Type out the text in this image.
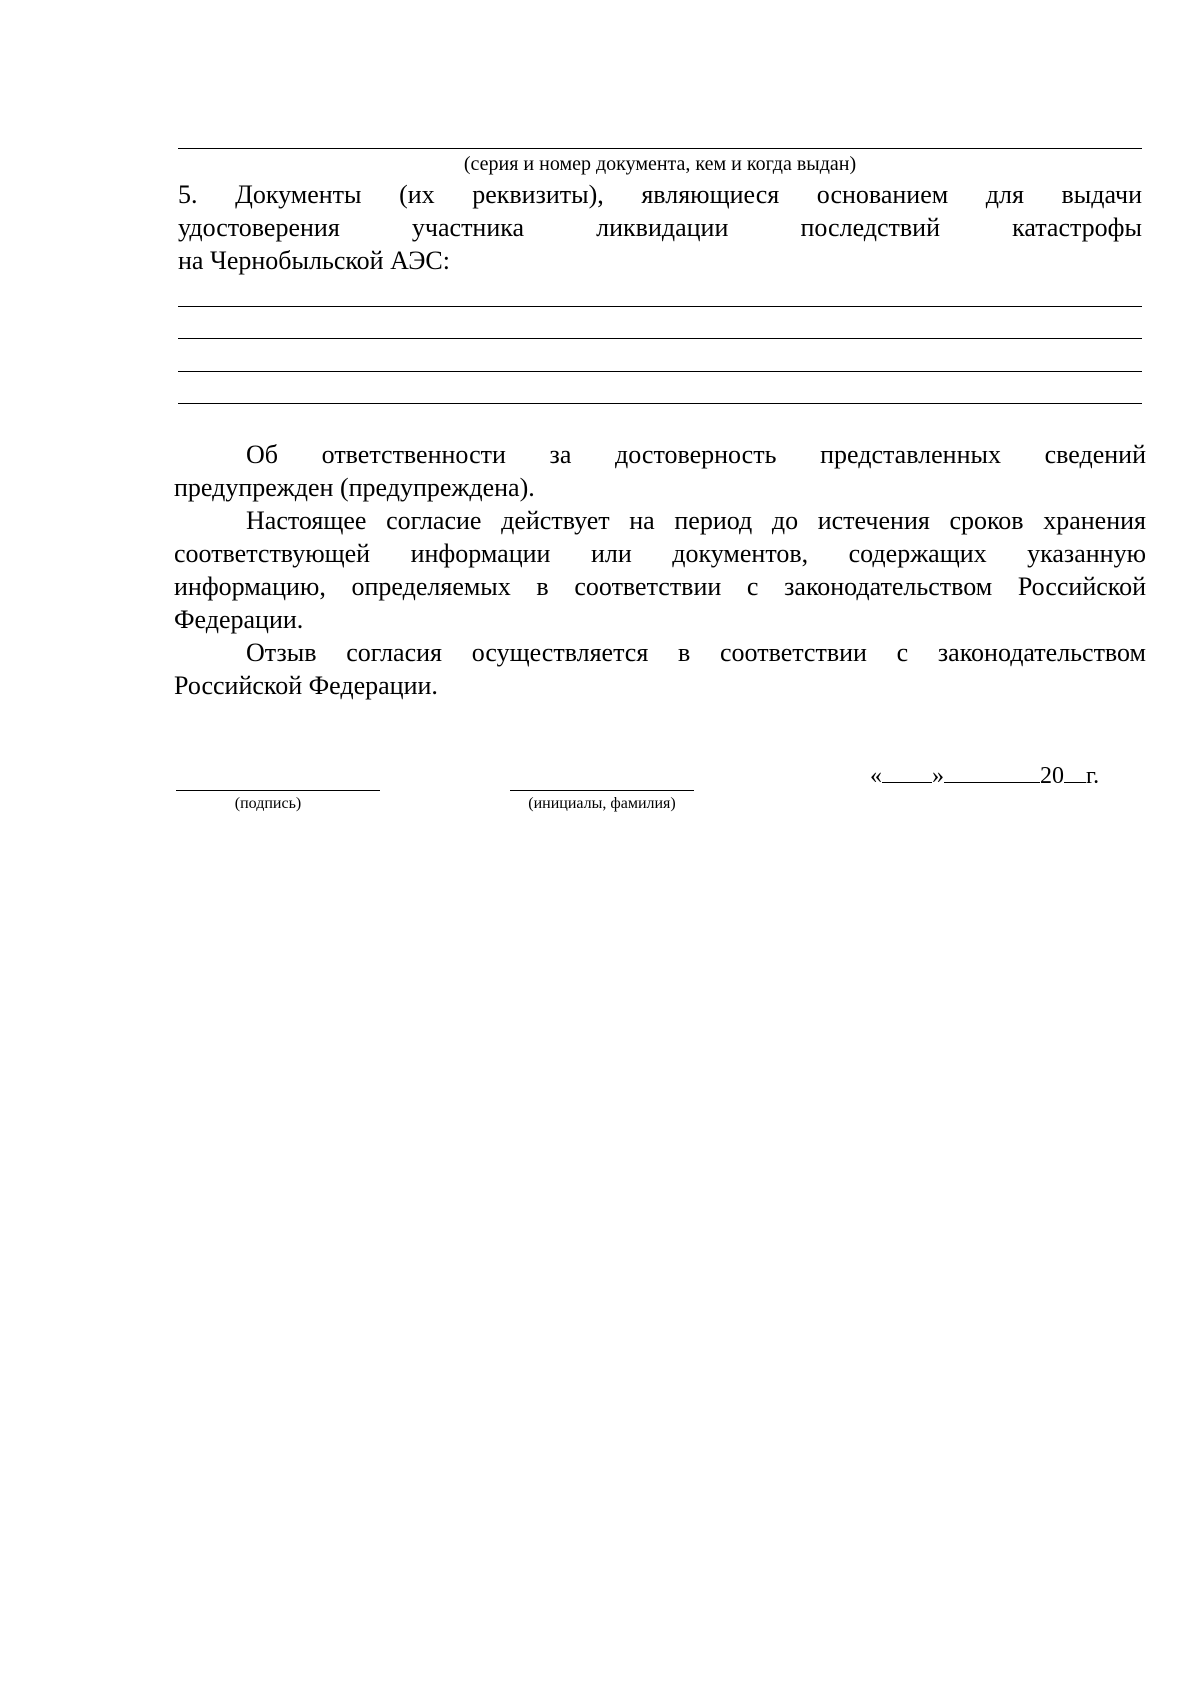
(серия и номер документа, кем и когда выдан)
5. Документы (их реквизиты), являющиеся основанием для выдачи
удостоверения участника ликвидации последствий катастрофы
на Чернобыльской АЭС:
Об ответственности за достоверность представленных сведений
предупрежден (предупреждена).
Настоящее согласие действует на период до истечения сроков хранения
соответствующей информации или документов, содержащих указанную
информацию, определяемых в соответствии с законодательством Российской
Федерации.
Отзыв согласия осуществляется в соответствии с законодательством
Российской Федерации.
(подпись)	(инициалы, фамилия)
« »	20 г.
